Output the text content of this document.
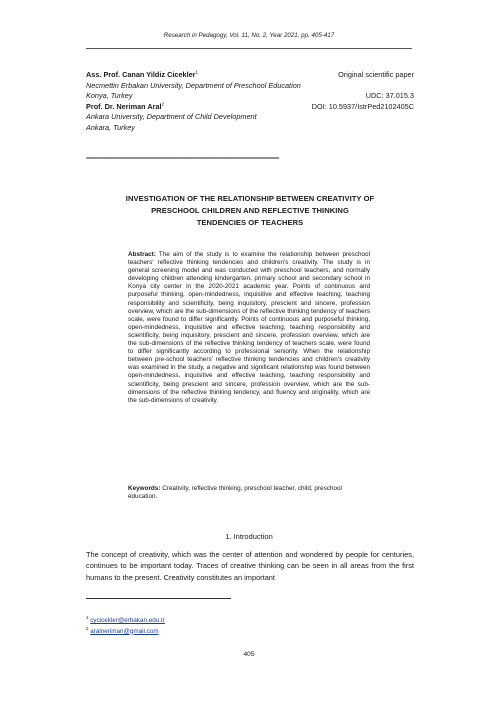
Research in Pedagogy, Vol. 11, No. 2, Year 2021, pp. 405-417
Ass. Prof. Canan Yildiz Cicekler$^1$	Original scientific paper
Necmettin Erbakan University, Department of Preschool Education
Konya, Turkey	UDC: 37.015.3
Prof. Dr. Neriman Aral$^2$	DOI: 10.5937/IstrPed2102405C
Ankara University, Department of Child Development
Ankara, Turkey
================================================================================
INVESTIGATION OF THE RELATIONSHIP BETWEEN CREATIVITY OF
PRESCHOOL CHILDREN AND REFLECTIVE THINKING
TENDENCIES OF TEACHERS
Abstract: The aim of the study is to examine the relationship between preschool teachers' reflective thinking tendencies and children's creativity. The study is in general screening model and was conducted with preschool teachers, and normally developing children attending kindergarten, primary school and secondary school in Konya city center in the 2020-2021 academic year. Points of continuous and purposeful thinking, open-mindedness, inquisitive and effective teaching, teaching responsibility and scientificity, being inquisitory, prescient and sincere, profession overview, which are the sub-dimensions of the reflective thinking tendency of teachers scale, were found to differ significantly. Points of continuous and purposeful thinking, open-mindedness, inquisitive and effective teaching, teaching responsibility and scientificity, being inquisitory, prescient and sincere, profession overview, which are the sub-dimensions of the reflective thinking tendency of teachers scale, were found to differ significantly according to professional seniority. When the relationship between pre-school teachers' reflective thinking tendencies and children's creativity was examined in the study, a negative and significant relationship was found between open-mindedness, inquisitive and effective teaching, teaching responsibility and scientificity, being prescient and sincere, profession overview, which are the sub-dimensions of the reflective thinking tendency, and fluency and originality, which are the sub-dimensions of creativity.
Keywords: Creativity, reflective thinking, preschool teacher, child, preschool education.
1. Introduction
The concept of creativity, which was the center of attention and wondered by people for centuries, continues to be important today. Traces of creative thinking can be seen in all areas from the first humans to the present. Creativity constitutes an important
$^1$ cycicekler@erbakan.edu.tr
$^2$ aralneriman@gmail.com
405
